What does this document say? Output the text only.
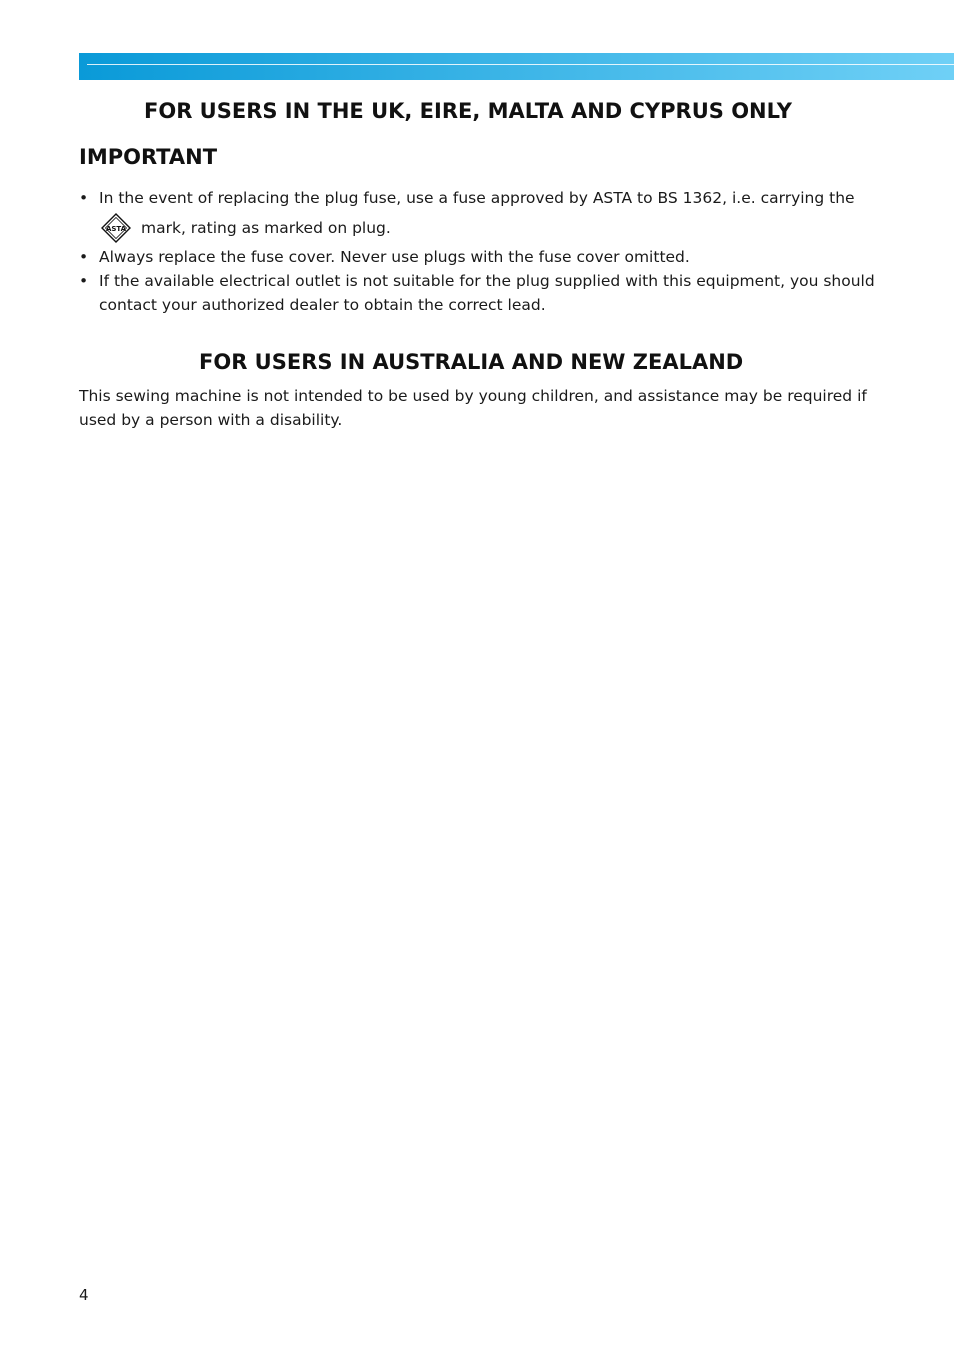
FOR USERS IN THE UK, EIRE, MALTA AND CYPRUS ONLY
IMPORTANT
• In the event of replacing the plug fuse, use a fuse approved by ASTA to BS 1362, i.e. carrying the
ASTA mark, rating as marked on plug.
• Always replace the fuse cover. Never use plugs with the fuse cover omitted.
• If the available electrical outlet is not suitable for the plug supplied with this equipment, you should contact your authorized dealer to obtain the correct lead.
FOR USERS IN AUSTRALIA AND NEW ZEALAND

This sewing machine is not intended to be used by young children, and assistance may be required if used by a person with a disability.

4
